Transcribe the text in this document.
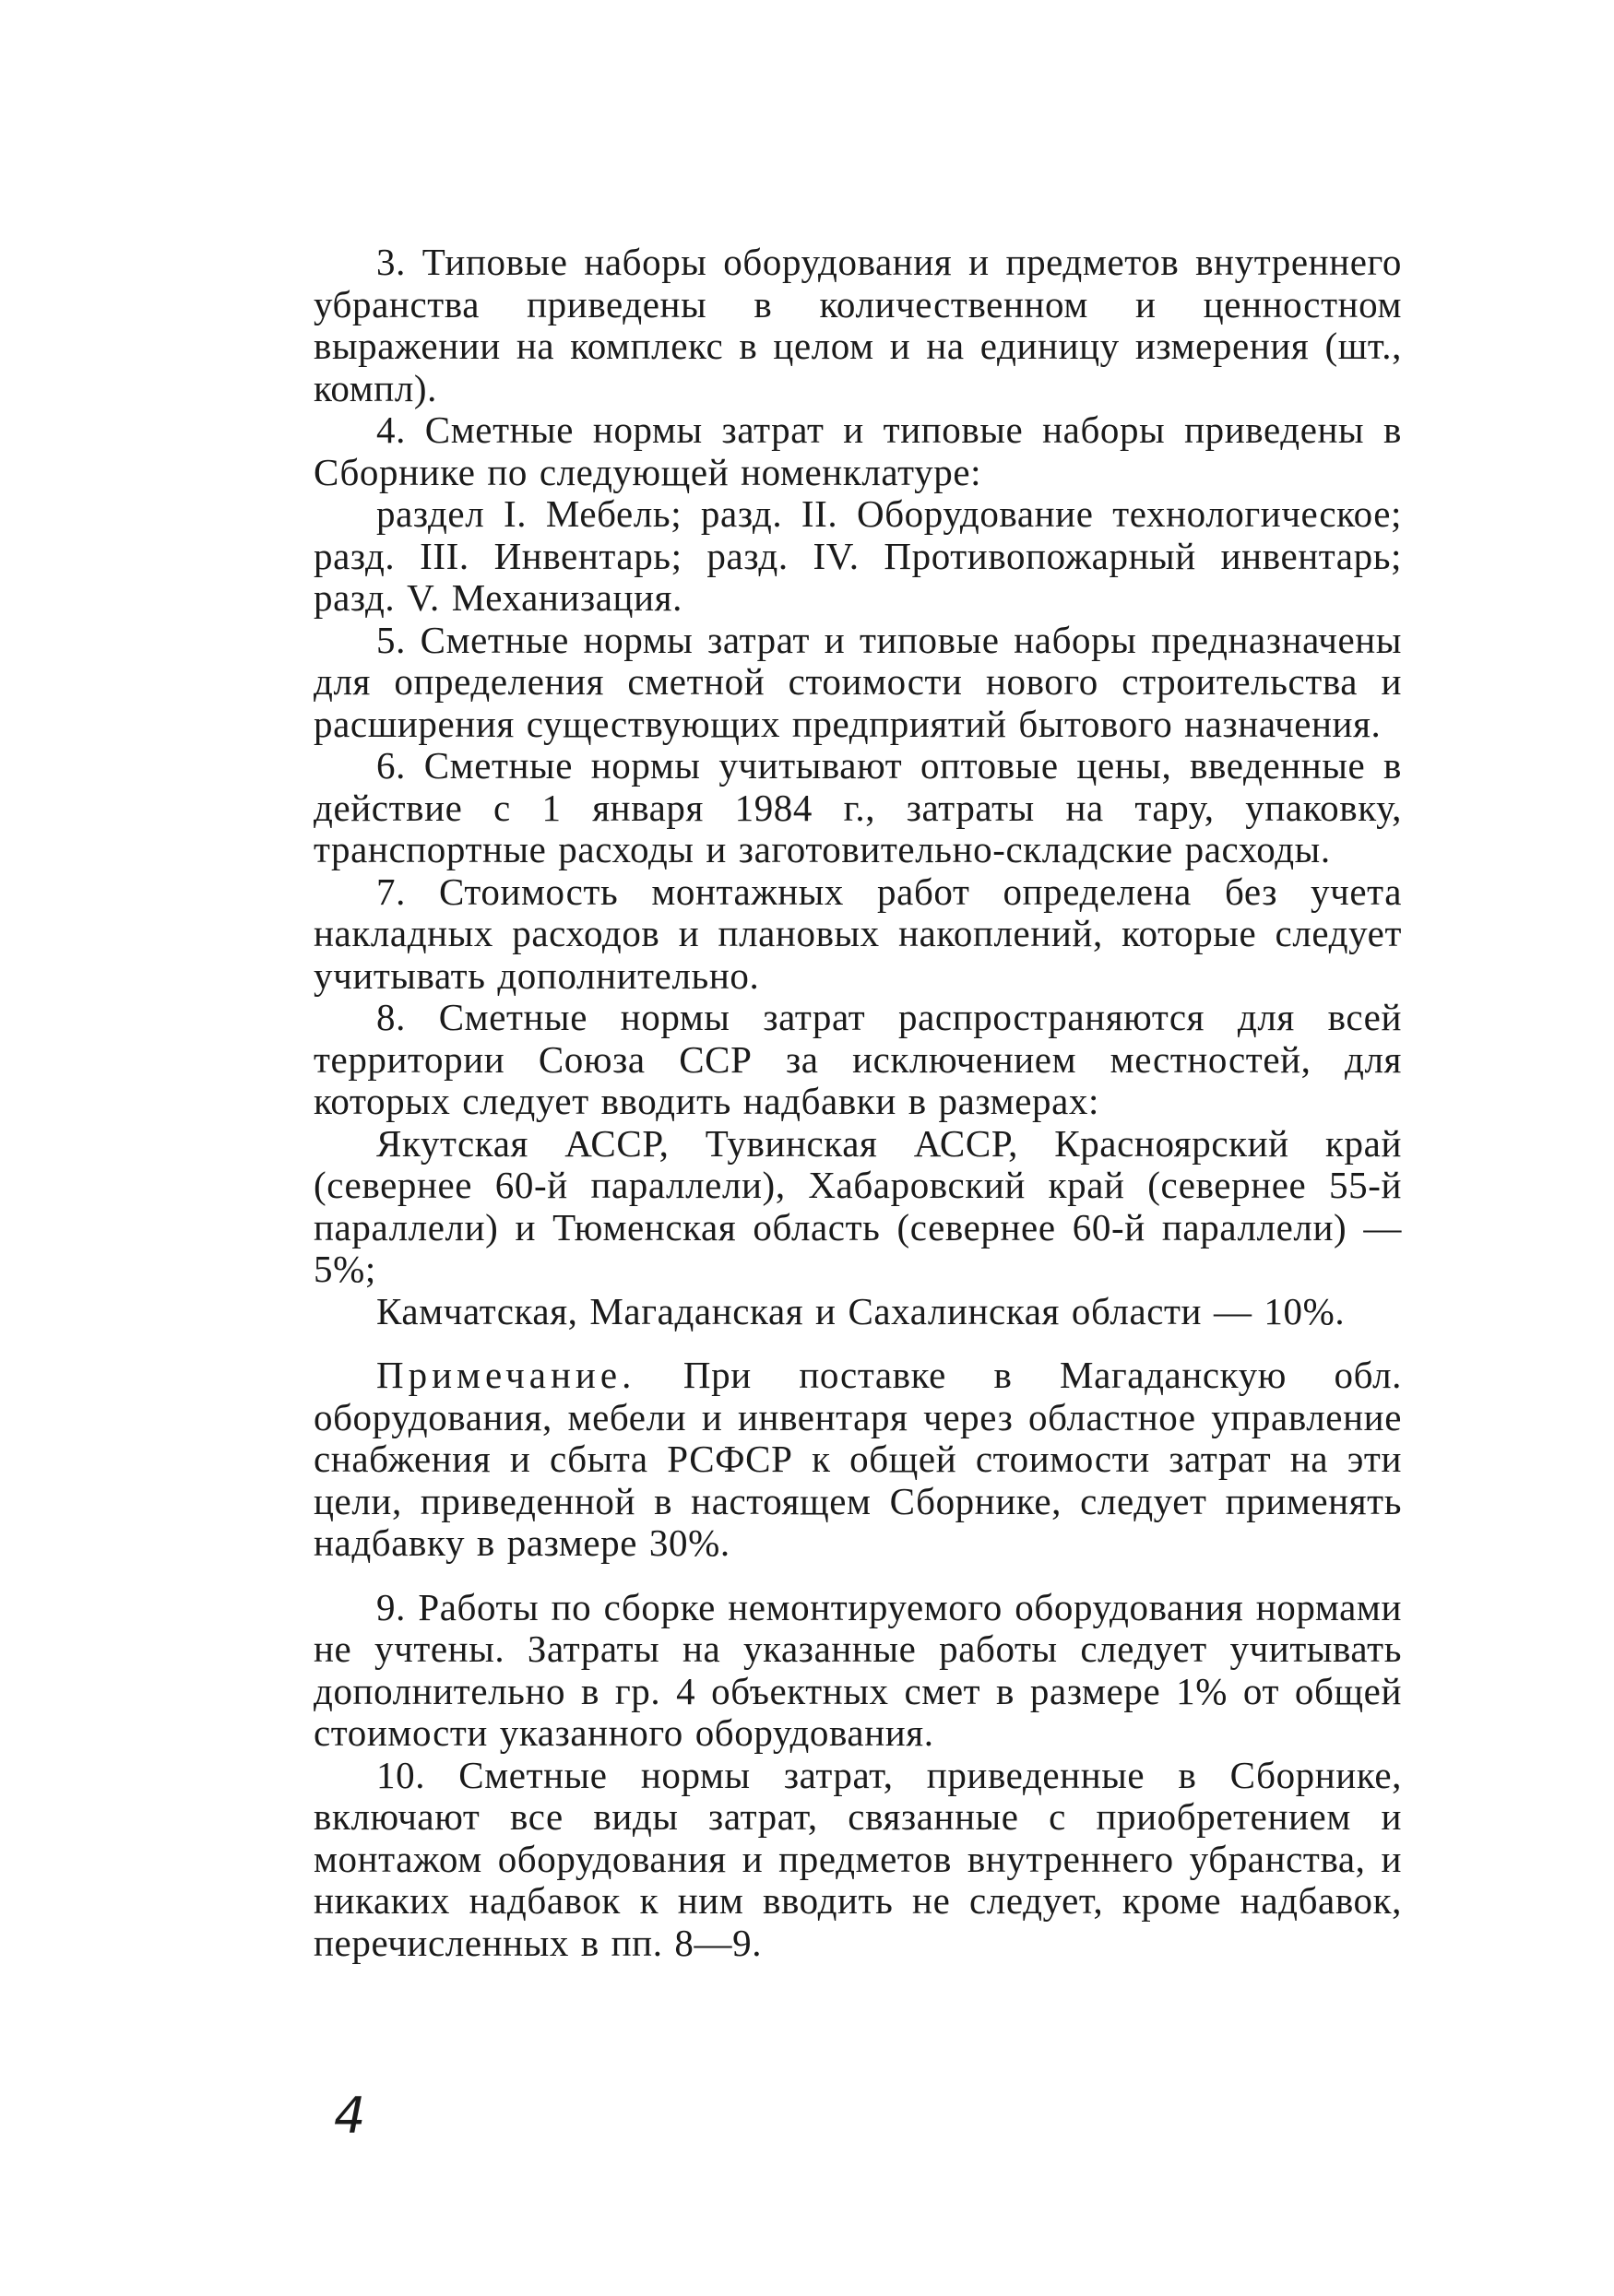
3. Типовые наборы оборудования и предметов внутреннего убранства приведены в количественном и ценностном выражении на комплекс в целом и на единицу измерения (шт., компл).

4. Сметные нормы затрат и типовые наборы приведены в Сборнике по следующей номенклатуре:

раздел I. Мебель; разд. II. Оборудование технологическое; разд. III. Инвентарь; разд. IV. Противопожарный инвентарь; разд. V. Механизация.

5. Сметные нормы затрат и типовые наборы предназначены для определения сметной стоимости нового строительства и расширения существующих предприятий бытового назначения.

6. Сметные нормы учитывают оптовые цены, введенные в действие с 1 января 1984 г., затраты на тару, упаковку, транспортные расходы и заготовительно-складские расходы.

7. Стоимость монтажных работ определена без учета накладных расходов и плановых накоплений, которые следует учитывать дополнительно.

8. Сметные нормы затрат распространяются для всей территории Союза ССР за исключением местностей, для которых следует вводить надбавки в размерах:

Якутская АССР, Тувинская АССР, Красноярский край (севернее 60-й параллели), Хабаровский край (севернее 55-й параллели) и Тюменская область (севернее 60-й параллели) — 5%;

Камчатская, Магаданская и Сахалинская области — 10%.

Примечание. При поставке в Магаданскую обл. оборудования, мебели и инвентаря через областное управление снабжения и сбыта РСФСР к общей стоимости затрат на эти цели, приведенной в настоящем Сборнике, следует применять надбавку в размере 30%.

9. Работы по сборке немонтируемого оборудования нормами не учтены. Затраты на указанные работы следует учитывать дополнительно в гр. 4 объектных смет в размере 1% от общей стоимости указанного оборудования.

10. Сметные нормы затрат, приведенные в Сборнике, включают все виды затрат, связанные с приобретением и монтажом оборудования и предметов внутреннего убранства, и никаких надбавок к ним вводить не следует, кроме надбавок, перечисленных в пп. 8—9.

4
